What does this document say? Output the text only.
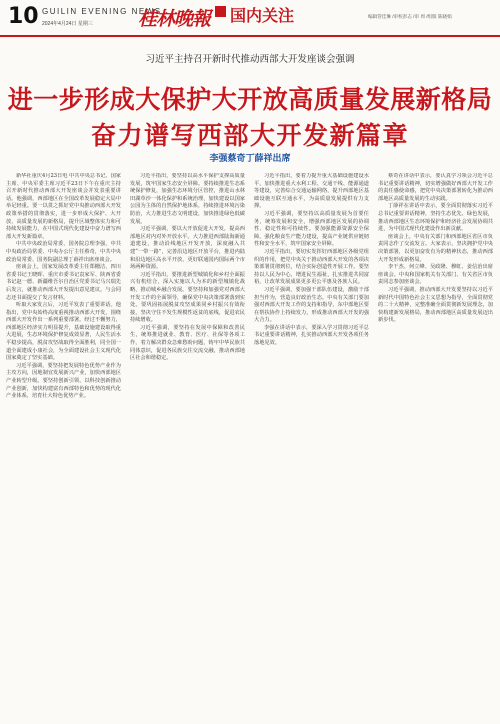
10 GUILIN EVENING NEWS
2024年4月24日 星期三 桂林晚報 国内关注	编辑管佳琳 /审校彭志 /审 周 /组版 陈晓娟
习近平主持召开新时代推动西部大开发座谈会强调
进一步形成大保护大开放高质量发展新格局
奋力谱写西部大开发新篇章
李强蔡奇丁薛祥出席

新华社重庆4月23日电 中共中央总书记、国家主席、中央军委主席习近平23日下午在重庆主持召开新时代推动西部大开发座谈会并发表重要讲话。他强调，西部地区在全国改革发展稳定大局中举足轻重。要一以贯之抓好党中央推动西部大开发政策举措的贯彻落实，进一步形成大保护、大开放、高质量发展的新格局，提升区域整体实力和可持续发展能力，在中国式现代化建设中奋力谱写西部大开发新篇章。

中共中央政治局常委、国务院总理李强，中共中央政治局常委、中央办公厅主任蔡奇，中共中央政治局常委、国务院副总理丁薛祥出席座谈会。

座谈会上，国家发展改革委主任郑栅洁、四川省委书记王晓晖、重庆市委书记袁家军、陕西省委书记赵一德、新疆维吾尔自治区党委书记马兴瑞先后发言，就推动西部大开发提出意见建议。与会同志还书面提交了发言材料。

听取大家发言后，习近平发表了重要讲话。他指出，党中央始终高度重视推动西部大开发，围绕西部大开发作出一系列重要部署。经过不懈努力，西部地区经济实力明显提升，基础设施建设取得重大进展，生态环境保护修复成效显著，人民生活水平稳步提高，脱贫攻坚战取得全面胜利，同全国一道全面建成小康社会，为全面建设社会主义现代化国家奠定了坚实基础。

习近平强调，要坚持把发展特色优势产业作为主攻方向，因地制宜发展新兴产业，加快西部地区产业转型升级。要坚持创新引领，以科技创新推动产业创新，加快构建富有西部特色和优势的现代化产业体系，培育壮大特色优势产业。

习近平指出，要坚持以高水平保护支撑高质量发展，筑牢国家生态安全屏障。要持续推进生态系统保护修复，加强生态环境分区管控，推进山水林田湖草沙一体化保护和系统治理，加快建设以国家公园为主体的自然保护地体系，持续推进环境污染防治，大力推进生态文明建设，加快推进绿色低碳发展。

习近平强调，要以大开放促进大开发，提高西部地区对内对外开放水平。大力推进西部陆海新通道建设，推动沿线地区开发开放，深度融入共建“一带一路”，完善沿边地区开放平台，推进内陆和沿边地区高水平开放，更好联通国内国际两个市场两种资源。

习近平指出，要推进新型城镇化和乡村全面振兴有机结合，深入实施以人为本的新型城镇化战略，推动城乡融合发展。要坚持和加强党对西部大开发工作的全面领导，确保党中央决策部署落到实处。要巩固拓展脱贫攻坚成果同乡村振兴有效衔接，坚决守住不发生规模性返贫的底线，促进农民持续增收。

习近平强调，要坚持在发展中保障和改善民生，统筹推进就业、教育、医疗、社保等各项工作，着力解决群众急难愁盼问题，铸牢中华民族共同体意识，促进各民族交往交流交融，推动西部地区社会和谐稳定。

习近平指出，要着力提升重大基础设施建设水平，加快推进重大水利工程、交通干线、能源通道等建设，完善综合交通运输网络，提升西部地区基础设施互联互通水平，为高质量发展提供有力支撑。

习近平强调，要坚持以高质量发展为首要任务，统筹发展和安全，增强西部地区发展的协调性、稳定性和可持续性。要加强能源资源安全保障，强化粮食生产能力建设，提高产业链供应链韧性和安全水平，筑牢国家安全屏障。

习近平指出，要切实发挥好西部地区各级党组织的作用，把党中央关于推动西部大开发的各项决策部署贯彻到位，结合实际创造性开展工作。要坚持以人民为中心，增进民生福祉，扎实推进共同富裕，让改革发展成果更多更公平惠及各族人民。

习近平强调，要加强干部队伍建设，激励干部担当作为，营造良好政治生态。中央有关部门要加强对西部大开发工作的支持和指导，东中部地区要在帮扶协作上持续发力，形成推动西部大开发的强大合力。

李强在讲话中表示，要深入学习贯彻习近平总书记重要讲话精神，扎实推动西部大开发各项任务落地见效。

蔡奇在讲话中表示，要认真学习领会习近平总书记重要讲话精神，切实增强做好西部大开发工作的责任感使命感，把党中央决策部署转化为推动西部地区高质量发展的生动实践。

丁薛祥在讲话中表示，要全面贯彻落实习近平总书记重要讲话精神，坚持生态优先、绿色发展，推动西部地区生态环境保护和经济社会发展协调共进，为中国式现代化建设作出新贡献。

座谈会上，中央有关部门和西部地区省区市负责同志作了交流发言。大家表示，坚决拥护党中央决策部署，以更加奋发有为的精神状态，推动西部大开发形成新格局。

李干杰、何立峰、吴政隆、穆虹、姜信治出席座谈会。中央和国家机关有关部门、有关省区市负责同志参加座谈会。

习近平强调，推动西部大开发要坚持以习近平新时代中国特色社会主义思想为指导，全面贯彻党的二十大精神，完整准确全面贯彻新发展理念，加快构建新发展格局，推动西部地区高质量发展迈出新步伐。
